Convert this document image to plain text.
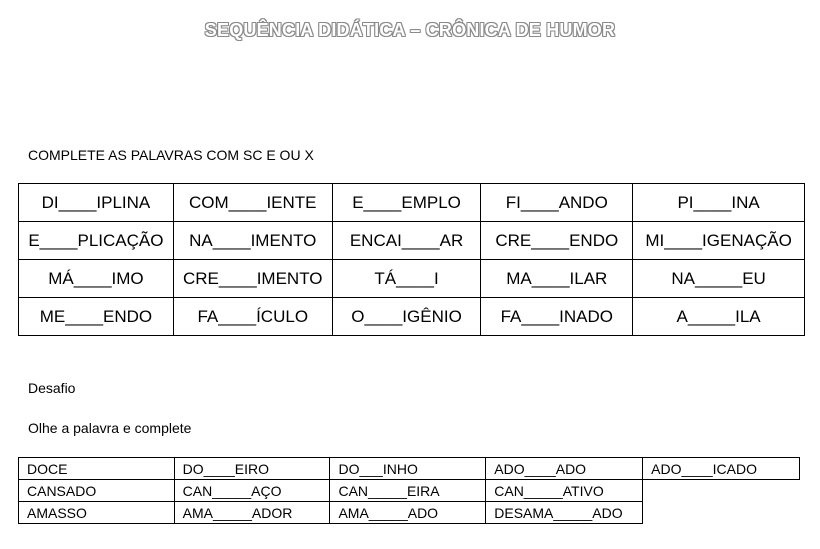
SEQUÊNCIA DIDÁTICA – CRÔNICA DE HUMOR
COMPLETE AS PALAVRAS COM SC E OU X
DI____IPLINA	COM____IENTE	E____EMPLO	FI____ANDO	PI____INA
E____PLICAÇÃO	NA____IMENTO	ENCAI____AR	CRE____ENDO	MI____IGENAÇÃO
MÁ____IMO	CRE____IMENTO	TÁ____I	MA____ILAR	NA_____EU
ME____ENDO	FA____ÍCULO	O____IGÊNIO	FA____INADO	A_____ILA
Desafio
Olhe a palavra e complete
DOCE	DO____EIRO	DO___INHO	ADO____ADO	ADO____ICADO
CANSADO	CAN_____AÇO	CAN_____EIRA	CAN_____ATIVO	
AMASSO	AMA_____ADOR	AMA_____ADO	DESAMA_____ADO	
